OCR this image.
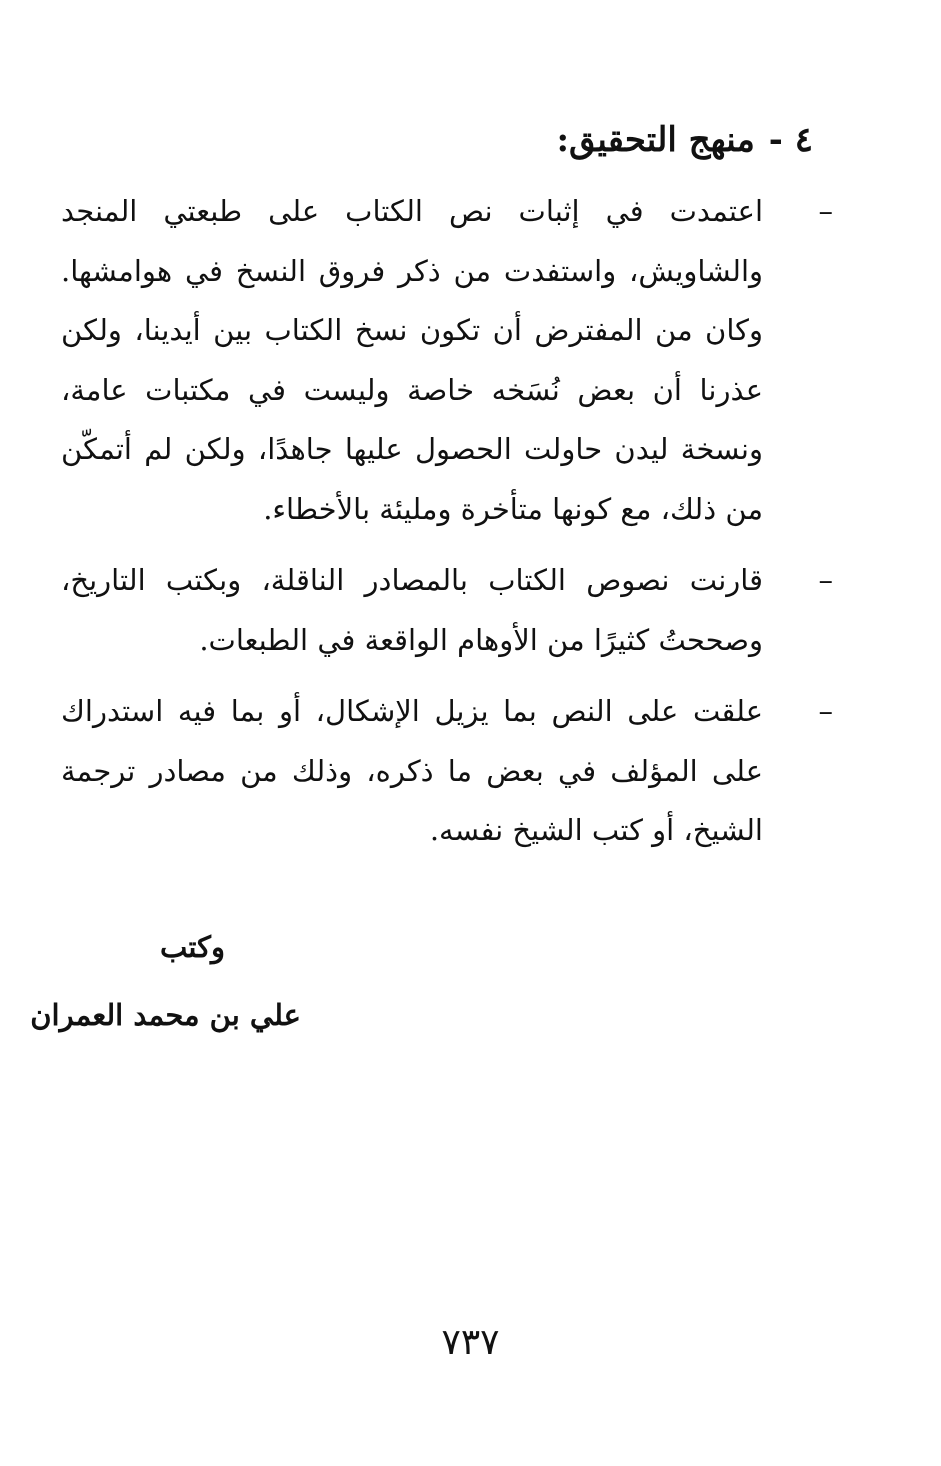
٤ -منهج التحقيق:
–
اعتمدت في إثبات نص الكتاب على طبعتي المنجد والشاويش، واستفدت من ذكر فروق النسخ في هوامشها. وكان من المفترض أن تكون نسخ الكتاب بين أيدينا، ولكن عذرنا أن بعض نُسَخه خاصة وليست في مكتبات عامة، ونسخة ليدن حاولت الحصول عليها جاهدًا، ولكن لم أتمكّن من ذلك، مع كونها متأخرة ومليئة بالأخطاء.
–
قارنت نصوص الكتاب بالمصادر الناقلة، وبكتب التاريخ، وصححتُ كثيرًا من الأوهام الواقعة في الطبعات.
–
علقت على النص بما يزيل الإشكال، أو بما فيه استدراك على المؤلف في بعض ما ذكره، وذلك من مصادر ترجمة الشيخ، أو كتب الشيخ نفسه.
وكتب
علي بن محمد العمران
٧٣٧
